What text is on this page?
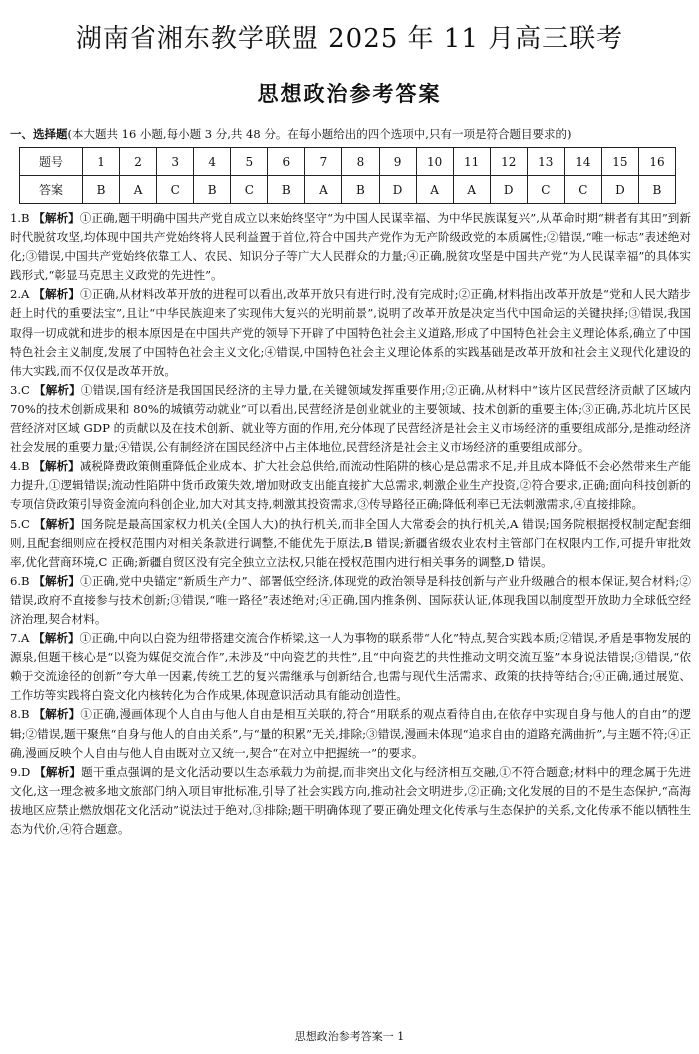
湖南省湘东教学联盟 2025 年 11 月高三联考
思想政治参考答案
一、选择题(本大题共 16 小题,每小题 3 分,共 48 分。在每小题给出的四个选项中,只有一项是符合题目要求的)
题号	1	2	3	4	5	6	7	8	9	10	11	12	13	14	15	16
答案	B	A	C	B	C	B	A	B	D	A	A	D	C	C	D	B

1.B 【解析】①正确,题干明确中国共产党自成立以来始终坚守“为中国人民谋幸福、为中华民族谋复兴”,从革命时期“耕者有其田”到新时代脱贫攻坚,均体现中国共产党始终将人民利益置于首位,符合中国共产党作为无产阶级政党的本质属性;②错误,“唯一标志”表述绝对化;③错误,中国共产党始终依靠工人、农民、知识分子等广大人民群众的力量;④正确,脱贫攻坚是中国共产党“为人民谋幸福”的具体实践形式,“彰显马克思主义政党的先进性”。

2.A 【解析】①正确,从材料改革开放的进程可以看出,改革开放只有进行时,没有完成时;②正确,材料指出改革开放是“党和人民大踏步赶上时代的重要法宝”,且让“中华民族迎来了实现伟大复兴的光明前景”,说明了改革开放是决定当代中国命运的关键抉择;③错误,我国取得一切成就和进步的根本原因是在中国共产党的领导下开辟了中国特色社会主义道路,形成了中国特色社会主义理论体系,确立了中国特色社会主义制度,发展了中国特色社会主义文化;④错误,中国特色社会主义理论体系的实践基础是改革开放和社会主义现代化建设的伟大实践,而不仅仅是改革开放。

3.C 【解析】①错误,国有经济是我国国民经济的主导力量,在关键领域发挥重要作用;②正确,从材料中“该片区民营经济贡献了区域内 70%的技术创新成果和 80%的城镇劳动就业”可以看出,民营经济是创业就业的主要领域、技术创新的重要主体;③正确,苏北坑片区民营经济对区域 GDP 的贡献以及在技术创新、就业等方面的作用,充分体现了民营经济是社会主义市场经济的重要组成部分,是推动经济社会发展的重要力量;④错误,公有制经济在国民经济中占主体地位,民营经济是社会主义市场经济的重要组成部分。

4.B 【解析】减税降费政策侧重降低企业成本、扩大社会总供给,而流动性陷阱的核心是总需求不足,并且成本降低不会必然带来生产能力提升,①逻辑错误;流动性陷阱中货币政策失效,增加财政支出能直接扩大总需求,刺激企业生产投资,②符合要求,正确;面向科技创新的专项信贷政策引导资金流向科创企业,加大对其支持,刺激其投资需求,③传导路径正确;降低利率已无法刺激需求,④直接排除。

5.C 【解析】国务院是最高国家权力机关(全国人大)的执行机关,而非全国人大常委会的执行机关,A 错误;国务院根据授权制定配套细则,且配套细则应在授权范围内对相关条款进行调整,不能优先于原法,B 错误;新疆省级农业农村主管部门在权限内工作,可提升审批效率,优化营商环境,C 正确;新疆自贸区没有完全独立立法权,只能在授权范围内进行相关事务的调整,D 错误。

6.B 【解析】①正确,党中央锚定“新质生产力”、部署低空经济,体现党的政治领导是科技创新与产业升级融合的根本保证,契合材料;②错误,政府不直接参与技术创新;③错误,“唯一路径”表述绝对;④正确,国内推条例、国际获认证,体现我国以制度型开放助力全球低空经济治理,契合材料。

7.A 【解析】①正确,中向以白瓷为纽带搭建交流合作桥梁,这一人为事物的联系带“人化”特点,契合实践本质;②错误,矛盾是事物发展的源泉,但题干核心是“以瓷为媒促交流合作”,未涉及“中向瓷艺的共性”,且“中向瓷艺的共性推动文明交流互鉴”本身说法错误;③错误,“依赖于交流途径的创新”夸大单一因素,传统工艺的复兴需继承与创新结合,也需与现代生活需求、政策的扶持等结合;④正确,通过展览、工作坊等实践将白瓷文化内核转化为合作成果,体现意识活动具有能动创造性。

8.B 【解析】①正确,漫画体现个人自由与他人自由是相互关联的,符合“用联系的观点看待自由,在依存中实现自身与他人的自由”的逻辑;②错误,题干聚焦“自身与他人的自由关系”,与“量的积累”无关,排除;③错误,漫画未体现“追求自由的道路充满曲折”,与主题不符;④正确,漫画反映个人自由与他人自由既对立又统一,契合“在对立中把握统一”的要求。

9.D 【解析】题干重点强调的是文化活动要以生态承载力为前提,而非突出文化与经济相互交融,①不符合题意;材料中的理念属于先进文化,这一理念被多地文旅部门纳入项目审批标准,引导了社会实践方向,推动社会文明进步,②正确;文化发展的目的不是生态保护,“高海拔地区应禁止燃放烟花文化活动”说法过于绝对,③排除;题干明确体现了要正确处理文化传承与生态保护的关系,文化传承不能以牺牲生态为代价,④符合题意。

思想政治参考答案一 1
